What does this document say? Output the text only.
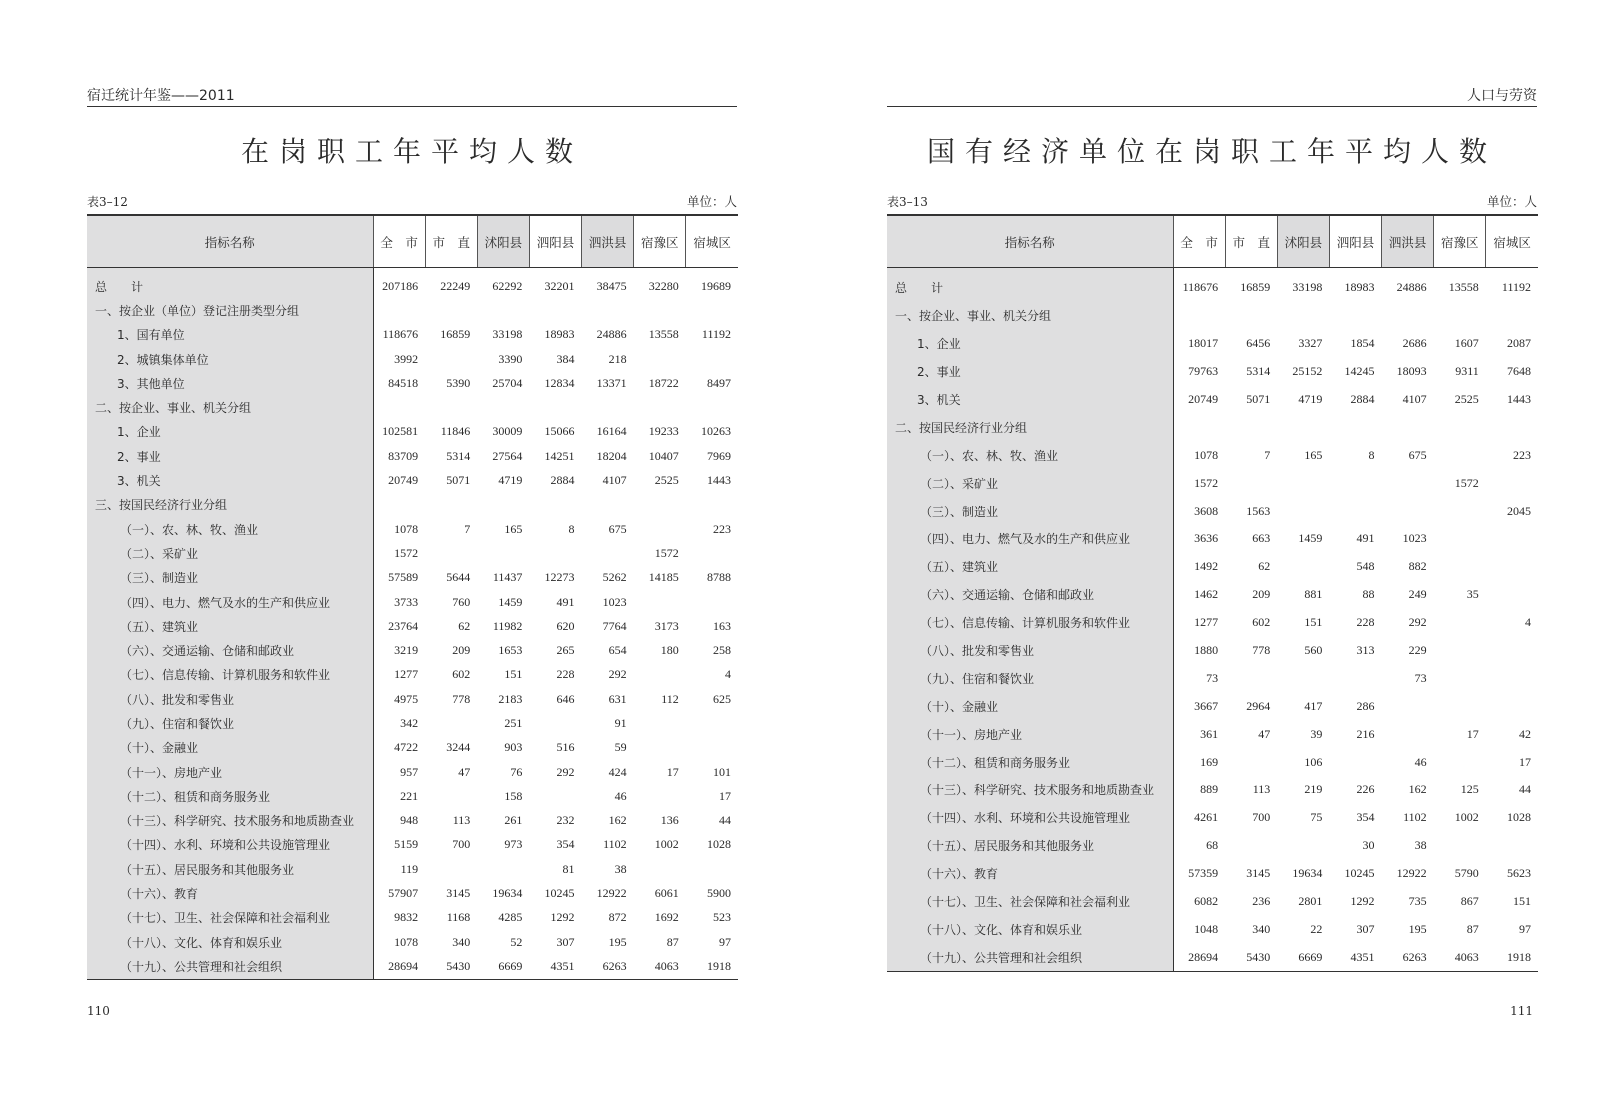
宿迁统计年鉴——2011
在岗职工年平均人数
表3–12	单位：人
指标名称	全　市	市　直	沭阳县	泗阳县	泗洪县	宿豫区	宿城区

总　　计	207186	22249	62292	32201	38475	32280	19689
一、按企业（单位）登记注册类型分组							
1、国有单位	118676	16859	33198	18983	24886	13558	11192
2、城镇集体单位	3992		3390	384	218		
3、其他单位	84518	5390	25704	12834	13371	18722	8497
二、按企业、事业、机关分组							
1、企业	102581	11846	30009	15066	16164	19233	10263
2、事业	83709	5314	27564	14251	18204	10407	7969
3、机关	20749	5071	4719	2884	4107	2525	1443
三、按国民经济行业分组							
（一）、农、林、牧、渔业	1078	7	165	8	675		223
（二）、采矿业	1572					1572	
（三）、制造业	57589	5644	11437	12273	5262	14185	8788
（四）、电力、燃气及水的生产和供应业	3733	760	1459	491	1023		
（五）、建筑业	23764	62	11982	620	7764	3173	163
（六）、交通运输、仓储和邮政业	3219	209	1653	265	654	180	258
（七）、信息传输、计算机服务和软件业	1277	602	151	228	292		4
（八）、批发和零售业	4975	778	2183	646	631	112	625
（九）、住宿和餐饮业	342		251		91		
（十）、金融业	4722	3244	903	516	59		
（十一）、房地产业	957	47	76	292	424	17	101
（十二）、租赁和商务服务业	221		158		46		17
（十三）、科学研究、技术服务和地质勘查业	948	113	261	232	162	136	44
（十四）、水利、环境和公共设施管理业	5159	700	973	354	1102	1002	1028
（十五）、居民服务和其他服务业	119			81	38		
（十六）、教育	57907	3145	19634	10245	12922	6061	5900
（十七）、卫生、社会保障和社会福利业	9832	1168	4285	1292	872	1692	523
（十八）、文化、体育和娱乐业	1078	340	52	307	195	87	97
（十九）、公共管理和社会组织	28694	5430	6669	4351	6263	4063	1918
110
人口与劳资
国有经济单位在岗职工年平均人数
表3–13	单位：人
指标名称	全　市	市　直	沭阳县	泗阳县	泗洪县	宿豫区	宿城区

总　　计	118676	16859	33198	18983	24886	13558	11192
一、按企业、事业、机关分组							
1、企业	18017	6456	3327	1854	2686	1607	2087
2、事业	79763	5314	25152	14245	18093	9311	7648
3、机关	20749	5071	4719	2884	4107	2525	1443
二、按国民经济行业分组							
（一）、农、林、牧、渔业	1078	7	165	8	675		223
（二）、采矿业	1572					1572	
（三）、制造业	3608	1563					2045
（四）、电力、燃气及水的生产和供应业	3636	663	1459	491	1023		
（五）、建筑业	1492	62		548	882		
（六）、交通运输、仓储和邮政业	1462	209	881	88	249	35	
（七）、信息传输、计算机服务和软件业	1277	602	151	228	292		4
（八）、批发和零售业	1880	778	560	313	229		
（九）、住宿和餐饮业	73				73		
（十）、金融业	3667	2964	417	286			
（十一）、房地产业	361	47	39	216		17	42
（十二）、租赁和商务服务业	169		106		46		17
（十三）、科学研究、技术服务和地质勘查业	889	113	219	226	162	125	44
（十四）、水利、环境和公共设施管理业	4261	700	75	354	1102	1002	1028
（十五）、居民服务和其他服务业	68			30	38		
（十六）、教育	57359	3145	19634	10245	12922	5790	5623
（十七）、卫生、社会保障和社会福利业	6082	236	2801	1292	735	867	151
（十八）、文化、体育和娱乐业	1048	340	22	307	195	87	97
（十九）、公共管理和社会组织	28694	5430	6669	4351	6263	4063	1918
111
